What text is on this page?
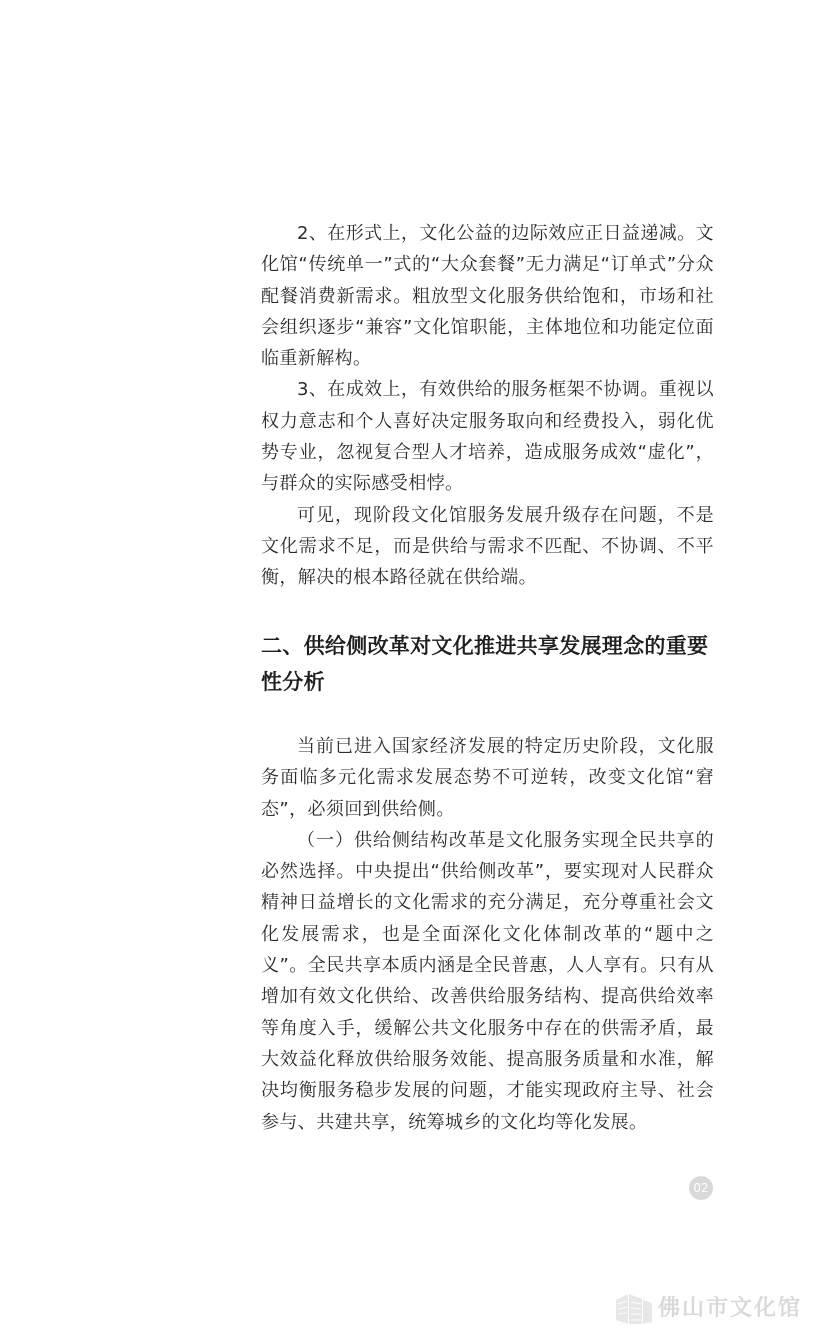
2、在形式上，文化公益的边际效应正日益递减。文化馆“传统单一”式的“大众套餐”无力满足“订单式”分众配餐消费新需求。粗放型文化服务供给饱和，市场和社会组织逐步“兼容”文化馆职能，主体地位和功能定位面临重新解构。

3、在成效上，有效供给的服务框架不协调。重视以权力意志和个人喜好决定服务取向和经费投入，弱化优势专业，忽视复合型人才培养，造成服务成效“虚化”，与群众的实际感受相悖。

可见，现阶段文化馆服务发展升级存在问题，不是文化需求不足，而是供给与需求不匹配、不协调、不平衡，解决的根本路径就在供给端。

二、供给侧改革对文化推进共享发展理念的重要性分析

当前已进入国家经济发展的特定历史阶段，文化服务面临多元化需求发展态势不可逆转，改变文化馆“窘态”，必须回到供给侧。

（一）供给侧结构改革是文化服务实现全民共享的必然选择。中央提出“供给侧改革”，要实现对人民群众精神日益增长的文化需求的充分满足，充分尊重社会文化发展需求，也是全面深化文化体制改革的“题中之义”。全民共享本质内涵是全民普惠，人人享有。只有从增加有效文化供给、改善供给服务结构、提高供给效率等角度入手，缓解公共文化服务中存在的供需矛盾，最大效益化释放供给服务效能、提高服务质量和水准，解决均衡服务稳步发展的问题，才能实现政府主导、社会参与、共建共享，统筹城乡的文化均等化发展。

02
佛山市文化馆
